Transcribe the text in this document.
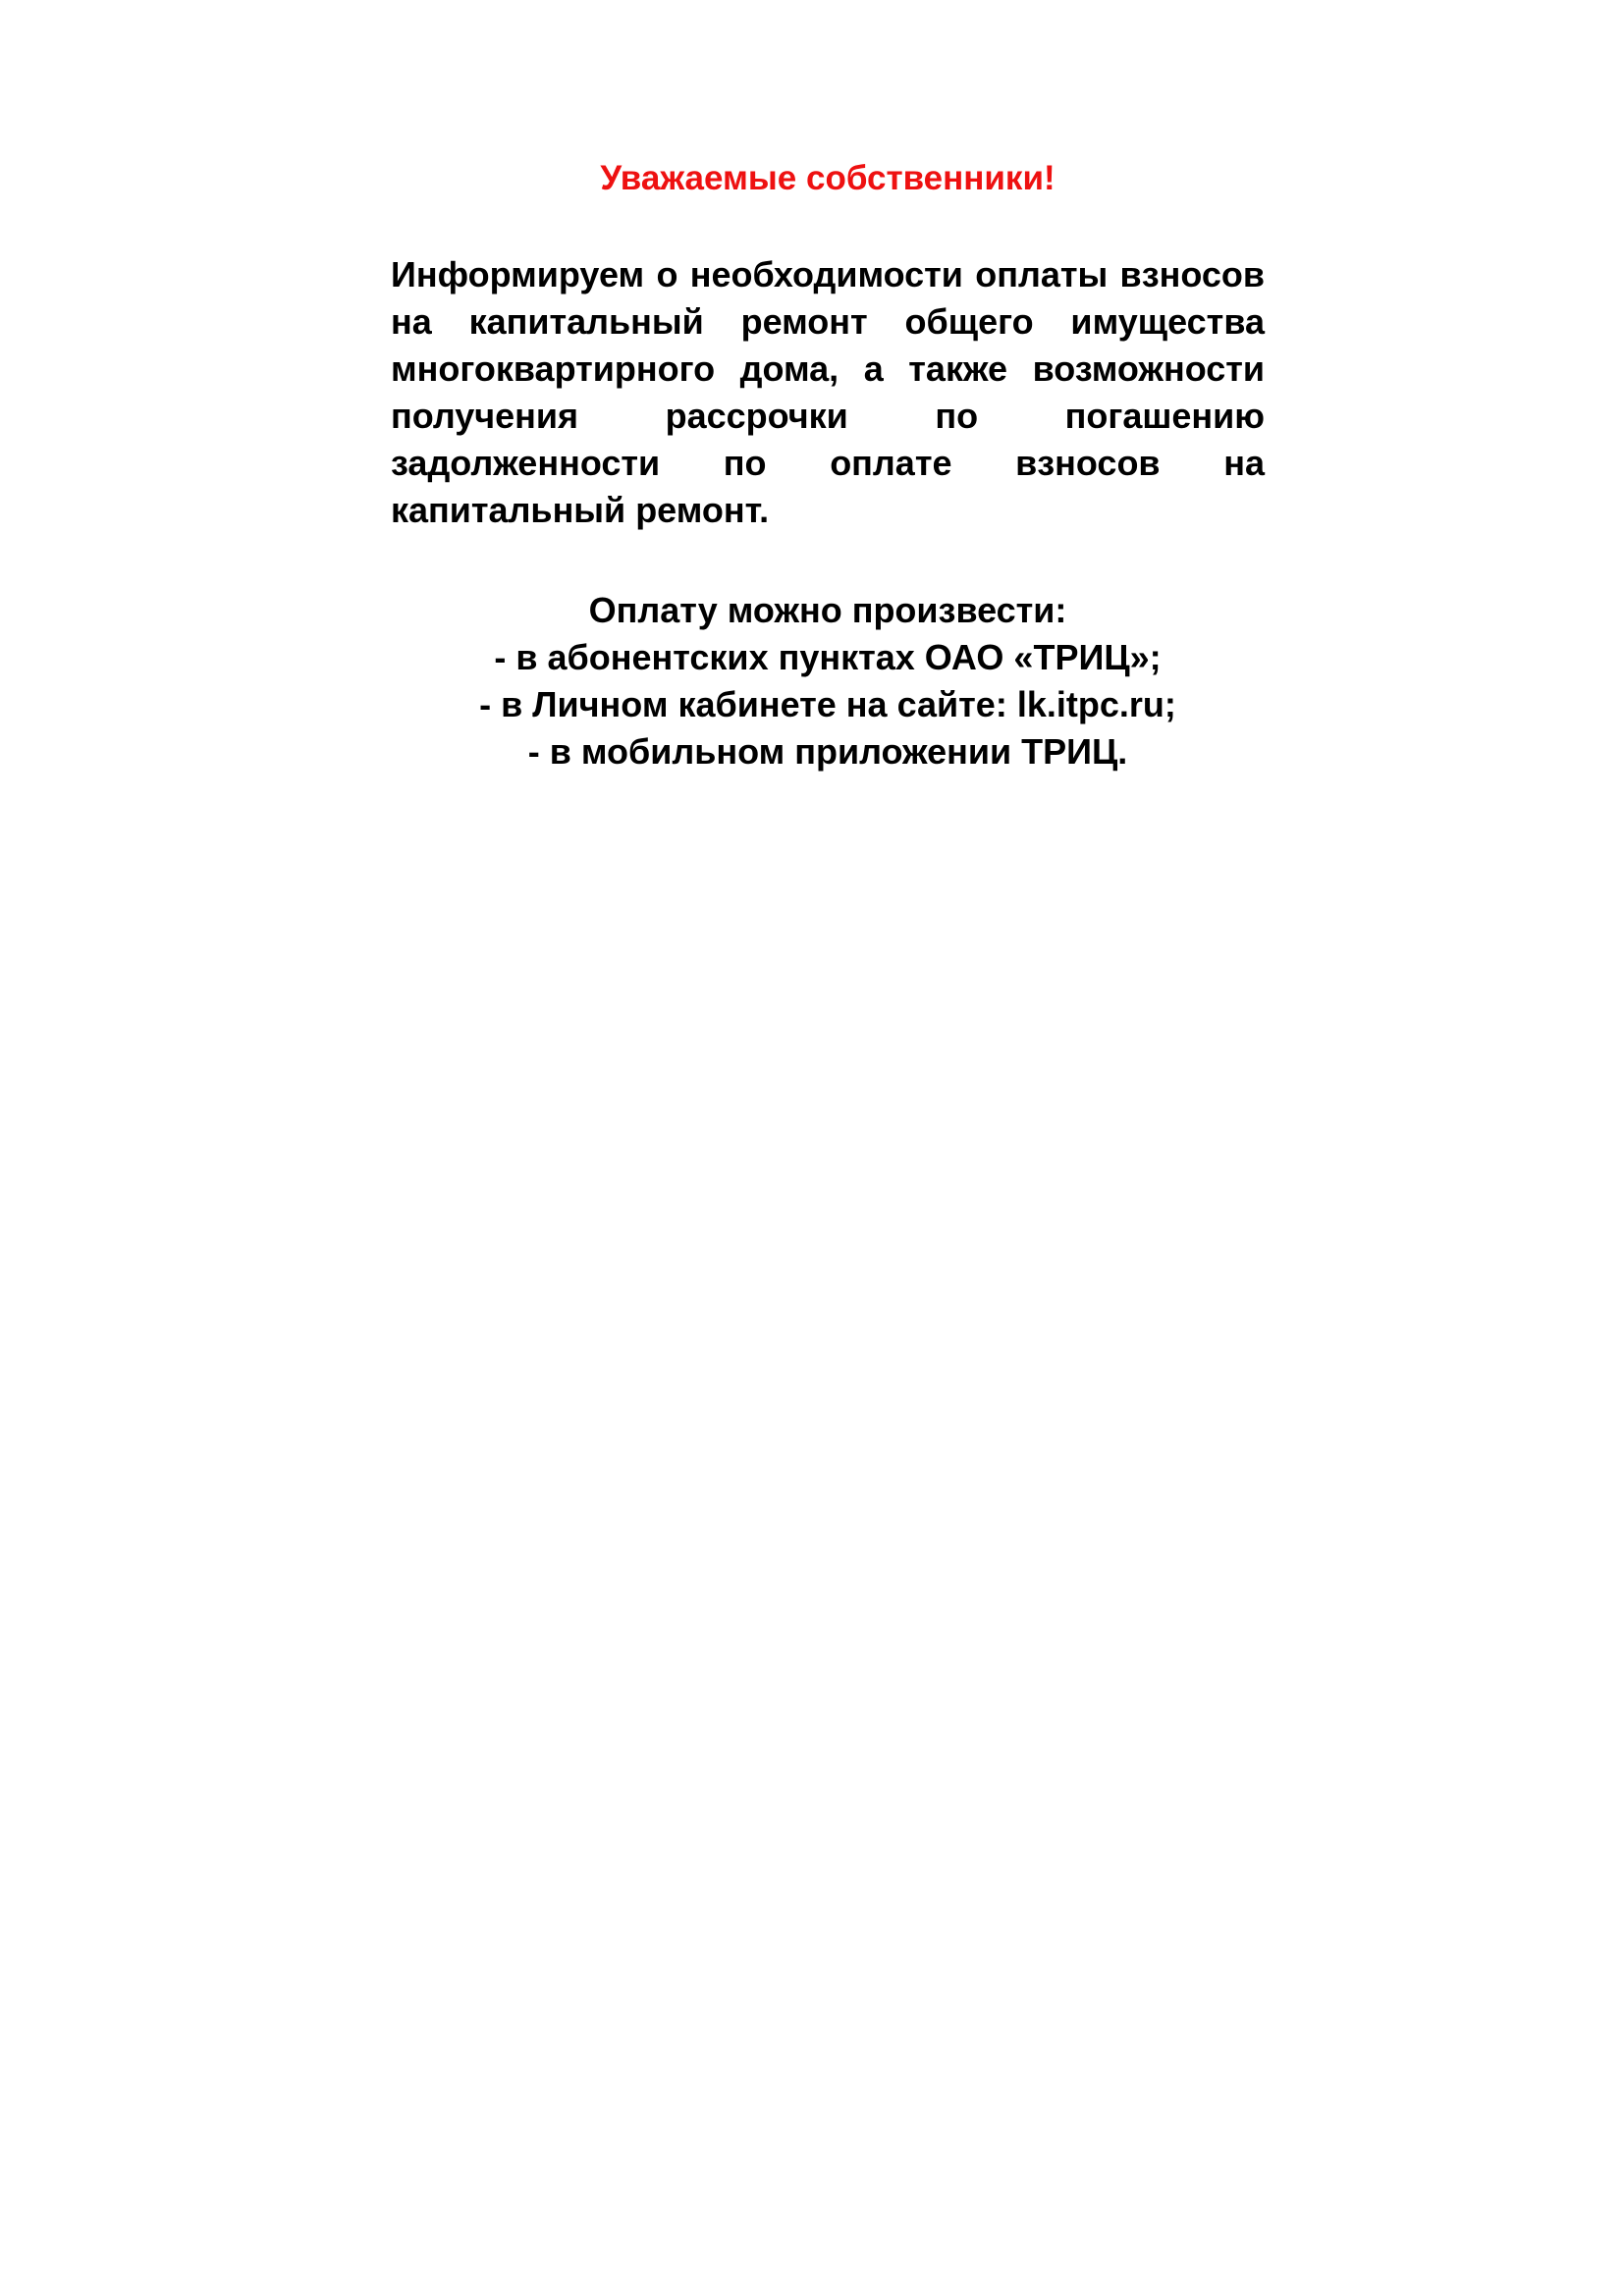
Уважаемые собственники!

Информируем о необходимости оплаты взносов на капитальный ремонт общего имущества многоквартирного дома, а также возможности получения рассрочки по погашению задолженности по оплате взносов на капитальный ремонт.

Оплату можно произвести:
- в абонентских пунктах ОАО «ТРИЦ»;
- в Личном кабинете на сайте: lk.itpc.ru;
- в мобильном приложении ТРИЦ.
